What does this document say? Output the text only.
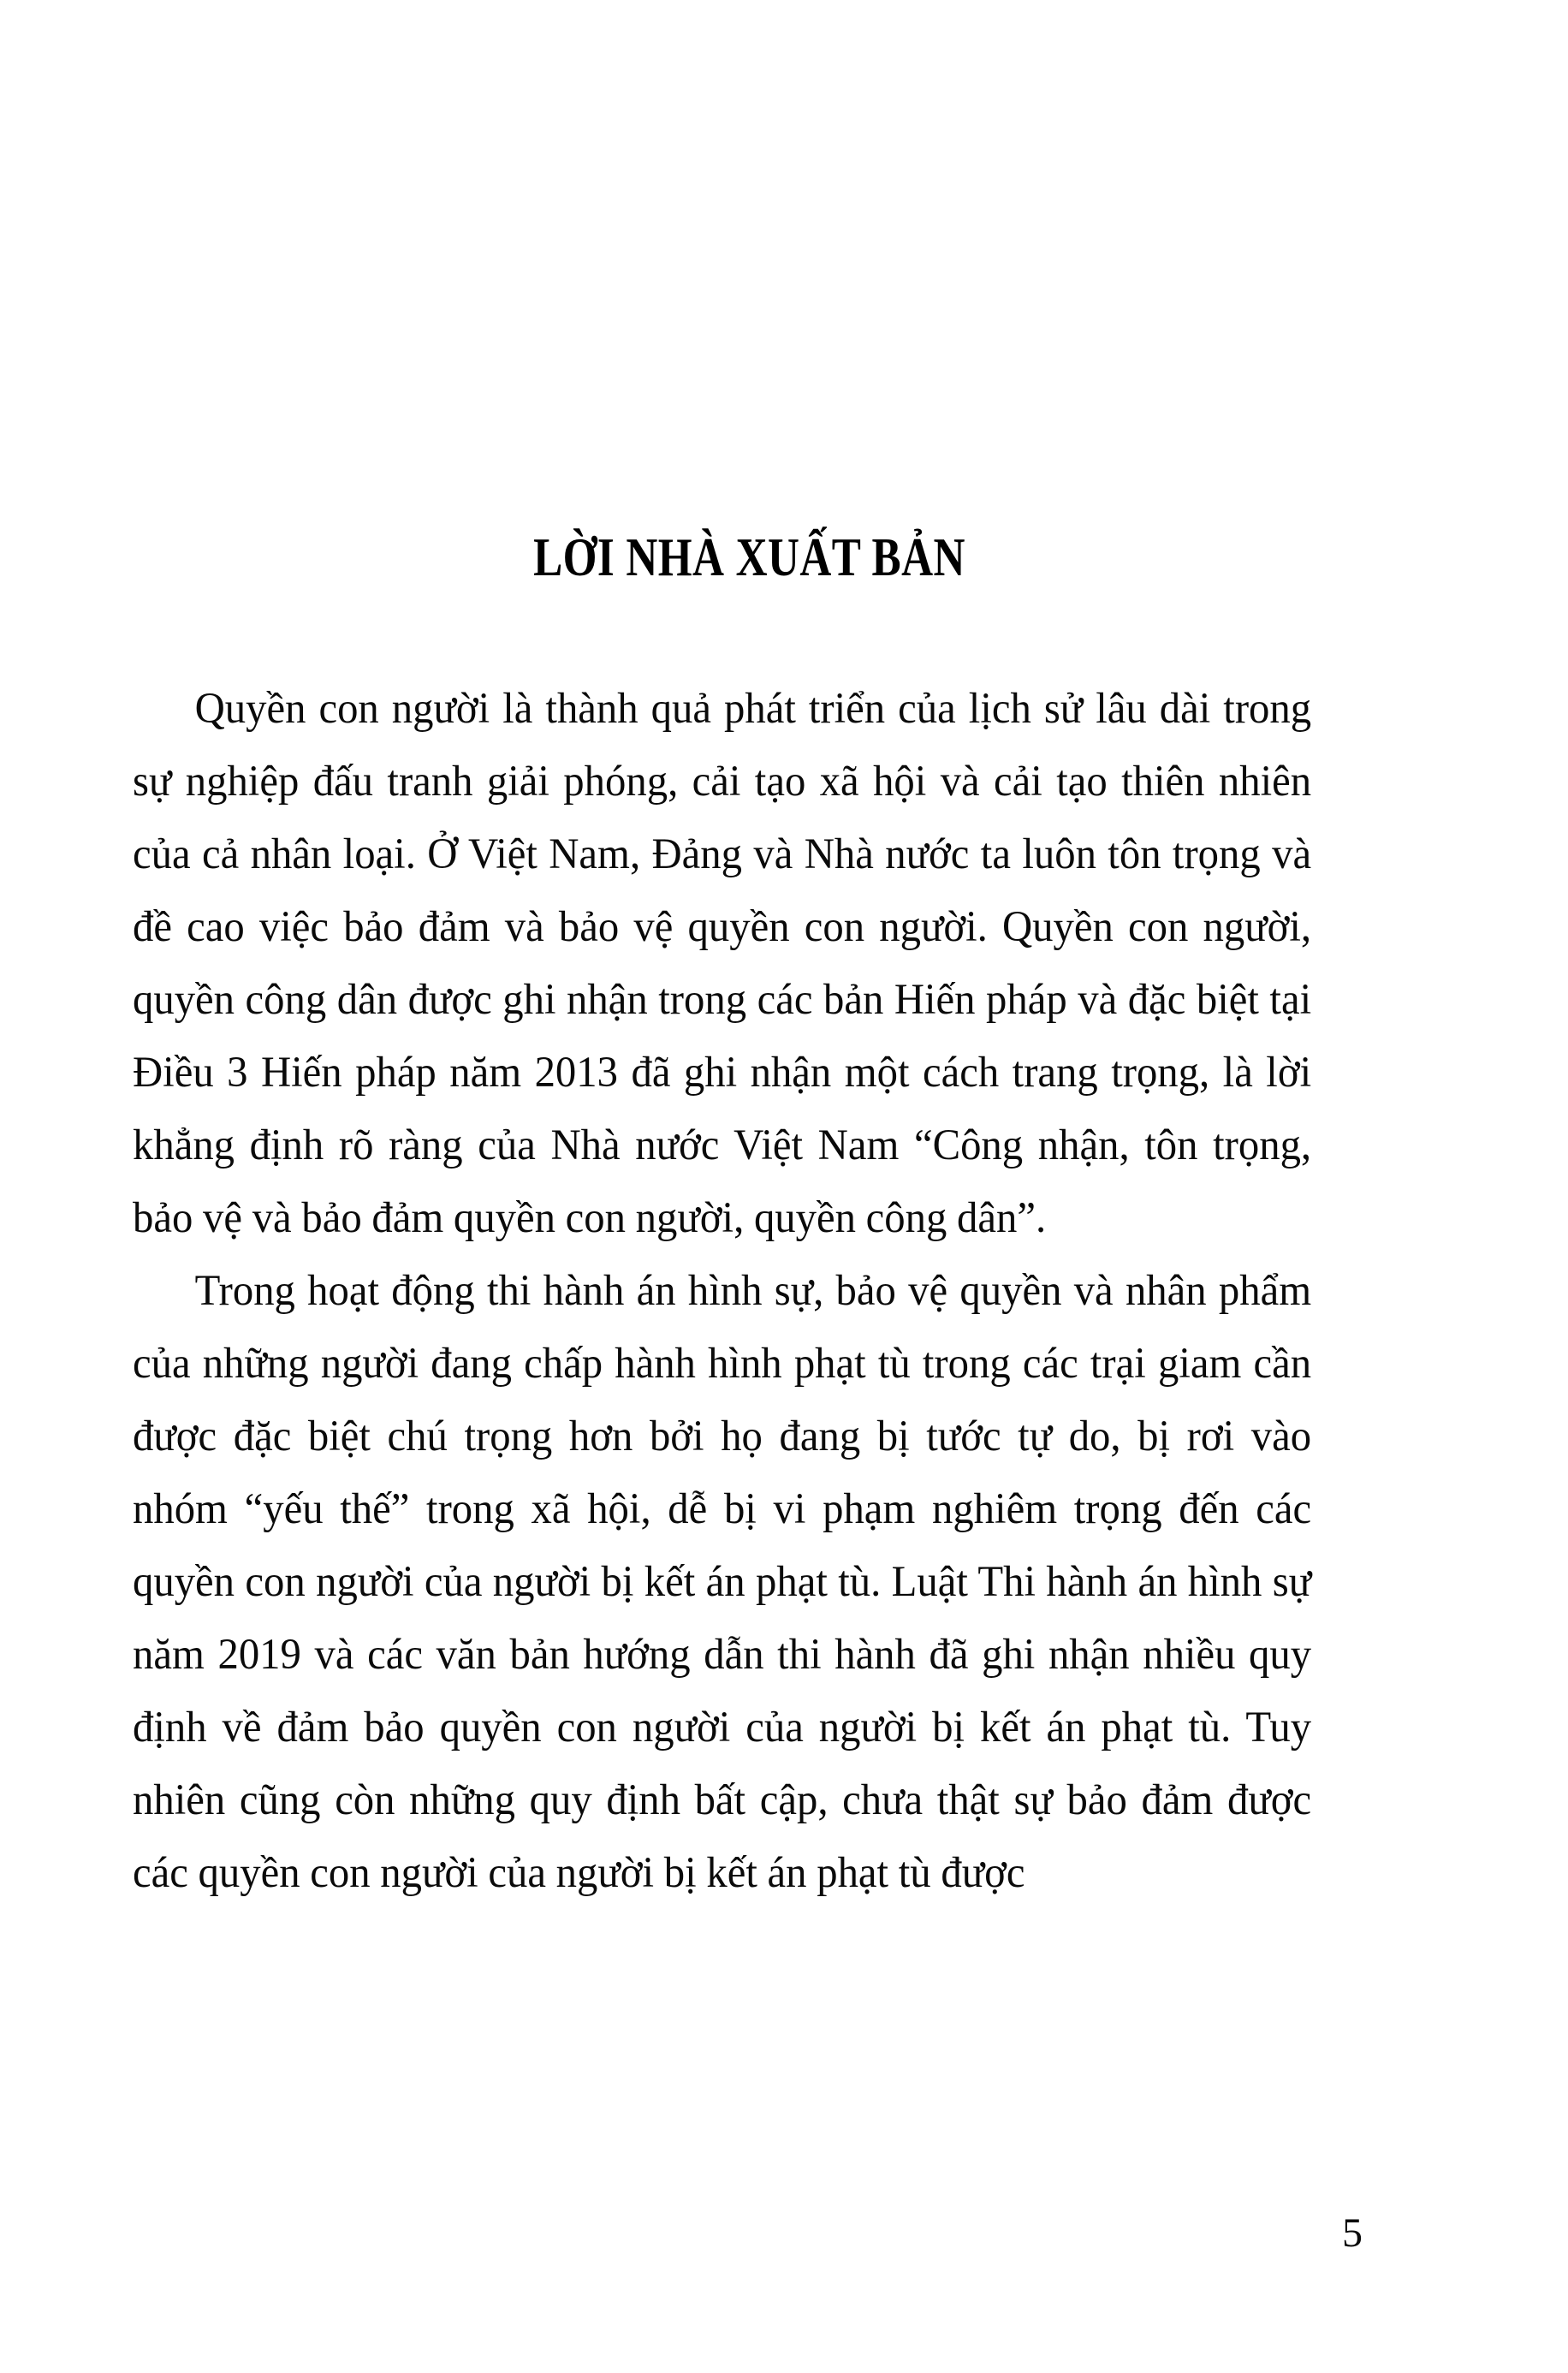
LỜI NHÀ XUẤT BẢN

Quyền con người là thành quả phát triển của lịch sử lâu dài trong sự nghiệp đấu tranh giải phóng, cải tạo xã hội và cải tạo thiên nhiên của cả nhân loại. Ở Việt Nam, Đảng và Nhà nước ta luôn tôn trọng và đề cao việc bảo đảm và bảo vệ quyền con người. Quyền con người, quyền công dân được ghi nhận trong các bản Hiến pháp và đặc biệt tại Điều 3 Hiến pháp năm 2013 đã ghi nhận một cách trang trọng, là lời khẳng định rõ ràng của Nhà nước Việt Nam “Công nhận, tôn trọng, bảo vệ và bảo đảm quyền con người, quyền công dân”.

Trong hoạt động thi hành án hình sự, bảo vệ quyền và nhân phẩm của những người đang chấp hành hình phạt tù trong các trại giam cần được đặc biệt chú trọng hơn bởi họ đang bị tước tự do, bị rơi vào nhóm “yếu thế” trong xã hội, dễ bị vi phạm nghiêm trọng đến các quyền con người của người bị kết án phạt tù. Luật Thi hành án hình sự năm 2019 và các văn bản hướng dẫn thi hành đã ghi nhận nhiều quy định về đảm bảo quyền con người của người bị kết án phạt tù. Tuy nhiên cũng còn những quy định bất cập, chưa thật sự bảo đảm được các quyền con người của người bị kết án phạt tù được

5
